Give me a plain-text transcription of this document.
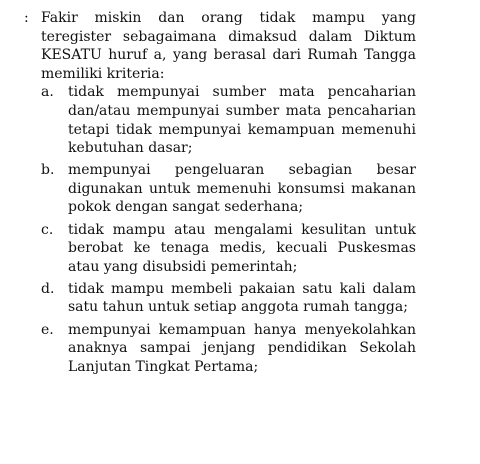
: Fakir miskin dan orang tidak mampu yang teregister sebagaimana dimaksud dalam Diktum KESATU huruf a, yang berasal dari Rumah Tangga memiliki kriteria:

a. tidak mempunyai sumber mata pencaharian dan/atau mempunyai sumber mata pencaharian tetapi tidak mempunyai kemampuan memenuhi kebutuhan dasar;
b. mempunyai pengeluaran sebagian besar digunakan untuk memenuhi konsumsi makanan pokok dengan sangat sederhana;
c. tidak mampu atau mengalami kesulitan untuk berobat ke tenaga medis, kecuali Puskesmas atau yang disubsidi pemerintah;
d. tidak mampu membeli pakaian satu kali dalam satu tahun untuk setiap anggota rumah tangga;
e. mempunyai kemampuan hanya menyekolahkan anaknya sampai jenjang pendidikan Sekolah Lanjutan Tingkat Pertama;
